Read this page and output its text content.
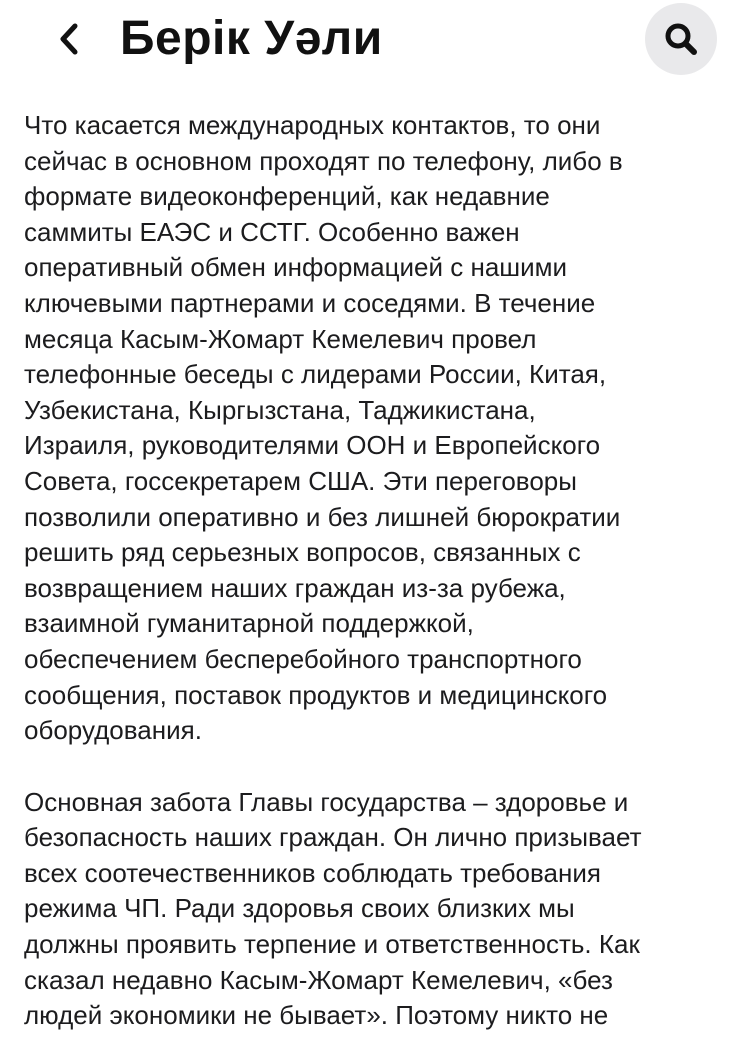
Берік Уәли

Что касается международных контактов, то они
сейчас в основном проходят по телефону, либо в
формате видеоконференций, как недавние
саммиты ЕАЭС и ССТГ. Особенно важен
оперативный обмен информацией с нашими
ключевыми партнерами и соседями. В течение
месяца Касым-Жомарт Кемелевич провел
телефонные беседы с лидерами России, Китая,
Узбекистана, Кыргызстана, Таджикистана,
Израиля, руководителями ООН и Европейского
Совета, госсекретарем США. Эти переговоры
позволили оперативно и без лишней бюрократии
решить ряд серьезных вопросов, связанных с
возвращением наших граждан из-за рубежа,
взаимной гуманитарной поддержкой,
обеспечением бесперебойного транспортного
сообщения, поставок продуктов и медицинского
оборудования.

Основная забота Главы государства – здоровье и
безопасность наших граждан. Он лично призывает
всех соотечественников соблюдать требования
режима ЧП. Ради здоровья своих близких мы
должны проявить терпение и ответственность. Как
сказал недавно Касым-Жомарт Кемелевич, «без
людей экономики не бывает». Поэтому никто не
